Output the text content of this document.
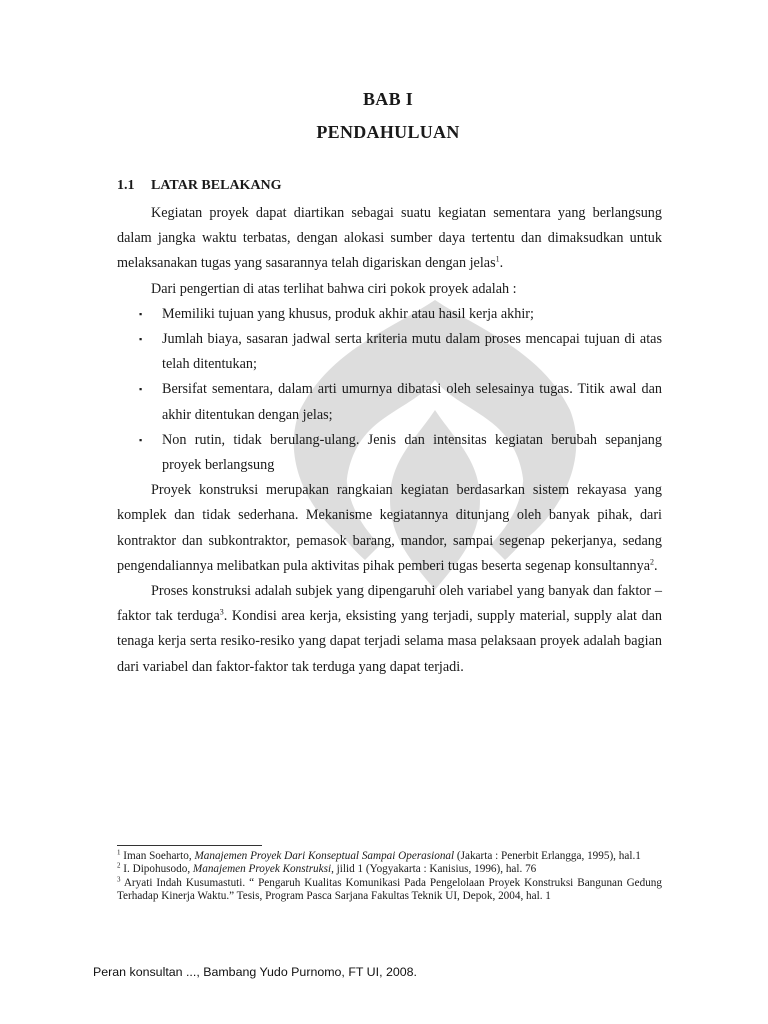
BAB I
PENDAHULUAN
1.1 LATAR BELAKANG

Kegiatan proyek dapat diartikan sebagai suatu kegiatan sementara yang berlangsung dalam jangka waktu terbatas, dengan alokasi sumber daya tertentu dan dimaksudkan untuk melaksanakan tugas yang sasarannya telah digariskan dengan jelas$^1$.

Dari pengertian di atas terlihat bahwa ciri pokok proyek adalah :

▪ Memiliki tujuan yang khusus, produk akhir atau hasil kerja akhir;
▪ Jumlah biaya, sasaran jadwal serta kriteria mutu dalam proses mencapai tujuan di atas telah ditentukan;
▪ Bersifat sementara, dalam arti umurnya dibatasi oleh selesainya tugas. Titik awal dan akhir ditentukan dengan jelas;
▪ Non rutin, tidak berulang-ulang. Jenis dan intensitas kegiatan berubah sepanjang proyek berlangsung

Proyek konstruksi merupakan rangkaian kegiatan berdasarkan sistem rekayasa yang komplek dan tidak sederhana. Mekanisme kegiatannya ditunjang oleh banyak pihak, dari kontraktor dan subkontraktor, pemasok barang, mandor, sampai segenap pekerjanya, sedang pengendaliannya melibatkan pula aktivitas pihak pemberi tugas beserta segenap konsultannya$^2$.

Proses konstruksi adalah subjek yang dipengaruhi oleh variabel yang banyak dan faktor – faktor tak terduga$^3$. Kondisi area kerja, eksisting yang terjadi, supply material, supply alat dan tenaga kerja serta resiko-resiko yang dapat terjadi selama masa pelaksaan proyek adalah bagian dari variabel dan faktor-faktor tak terduga yang dapat terjadi.

$^1$ Iman Soeharto, Manajemen Proyek Dari Konseptual Sampai Operasional (Jakarta : Penerbit Erlangga, 1995), hal.1

$^2$ I. Dipohusodo, Manajemen Proyek Konstruksi, jilid 1 (Yogyakarta : Kanisius, 1996), hal. 76

$^3$ Aryati Indah Kusumastuti. “ Pengaruh Kualitas Komunikasi Pada Pengelolaan Proyek Konstruksi Bangunan Gedung Terhadap Kinerja Waktu.” Tesis, Program Pasca Sarjana Fakultas Teknik UI, Depok, 2004, hal. 1

Peran konsultan ..., Bambang Yudo Purnomo, FT UI, 2008.
